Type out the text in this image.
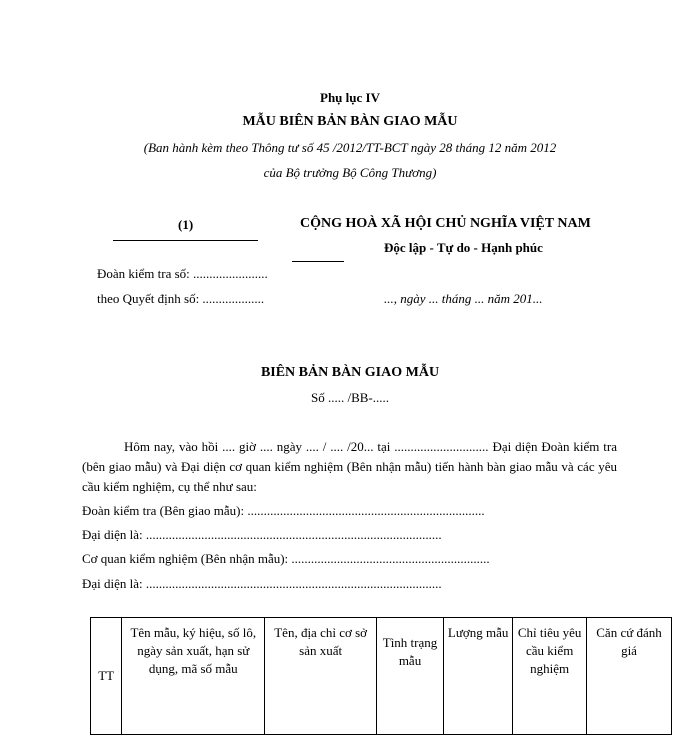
Phụ lục IV
MẪU BIÊN BẢN BÀN GIAO MẪU
(Ban hành kèm theo Thông tư số 45 /2012/TT-BCT ngày 28 tháng 12 năm 2012
của Bộ trưởng Bộ Công Thương)
(1)	CỘNG HOÀ XÃ HỘI CHỦ NGHĨA VIỆT NAM
Độc lập - Tự do - Hạnh phúc
Đoàn kiểm tra số: .......................
theo Quyết định số: ...................	..., ngày ... tháng ... năm 201...
BIÊN BẢN BÀN GIAO MẪU
Số ..... /BB-.....
Hôm nay, vào hồi .... giờ .... ngày .... / .... /20... tại ............................. Đại diện Đoàn kiểm tra (bên giao mẫu) và Đại diện cơ quan kiểm nghiệm (Bên nhận mẫu) tiến hành bàn giao mẫu và các yêu cầu kiểm nghiệm, cụ thể như sau:
Đoàn kiểm tra (Bên giao mẫu): .........................................................................
Đại diện là: ...........................................................................................
Cơ quan kiểm nghiệm (Bên nhận mẫu): .............................................................
Đại diện là: ...........................................................................................
TT	Tên mẫu, ký hiệu, số lô, ngày sản xuất, hạn sử dụng, mã số mẫu	Tên, địa chỉ cơ sở sản xuất	Tình trạng mẫu	Lượng mẫu	Chỉ tiêu yêu cầu kiểm nghiệm	Căn cứ đánh giá
